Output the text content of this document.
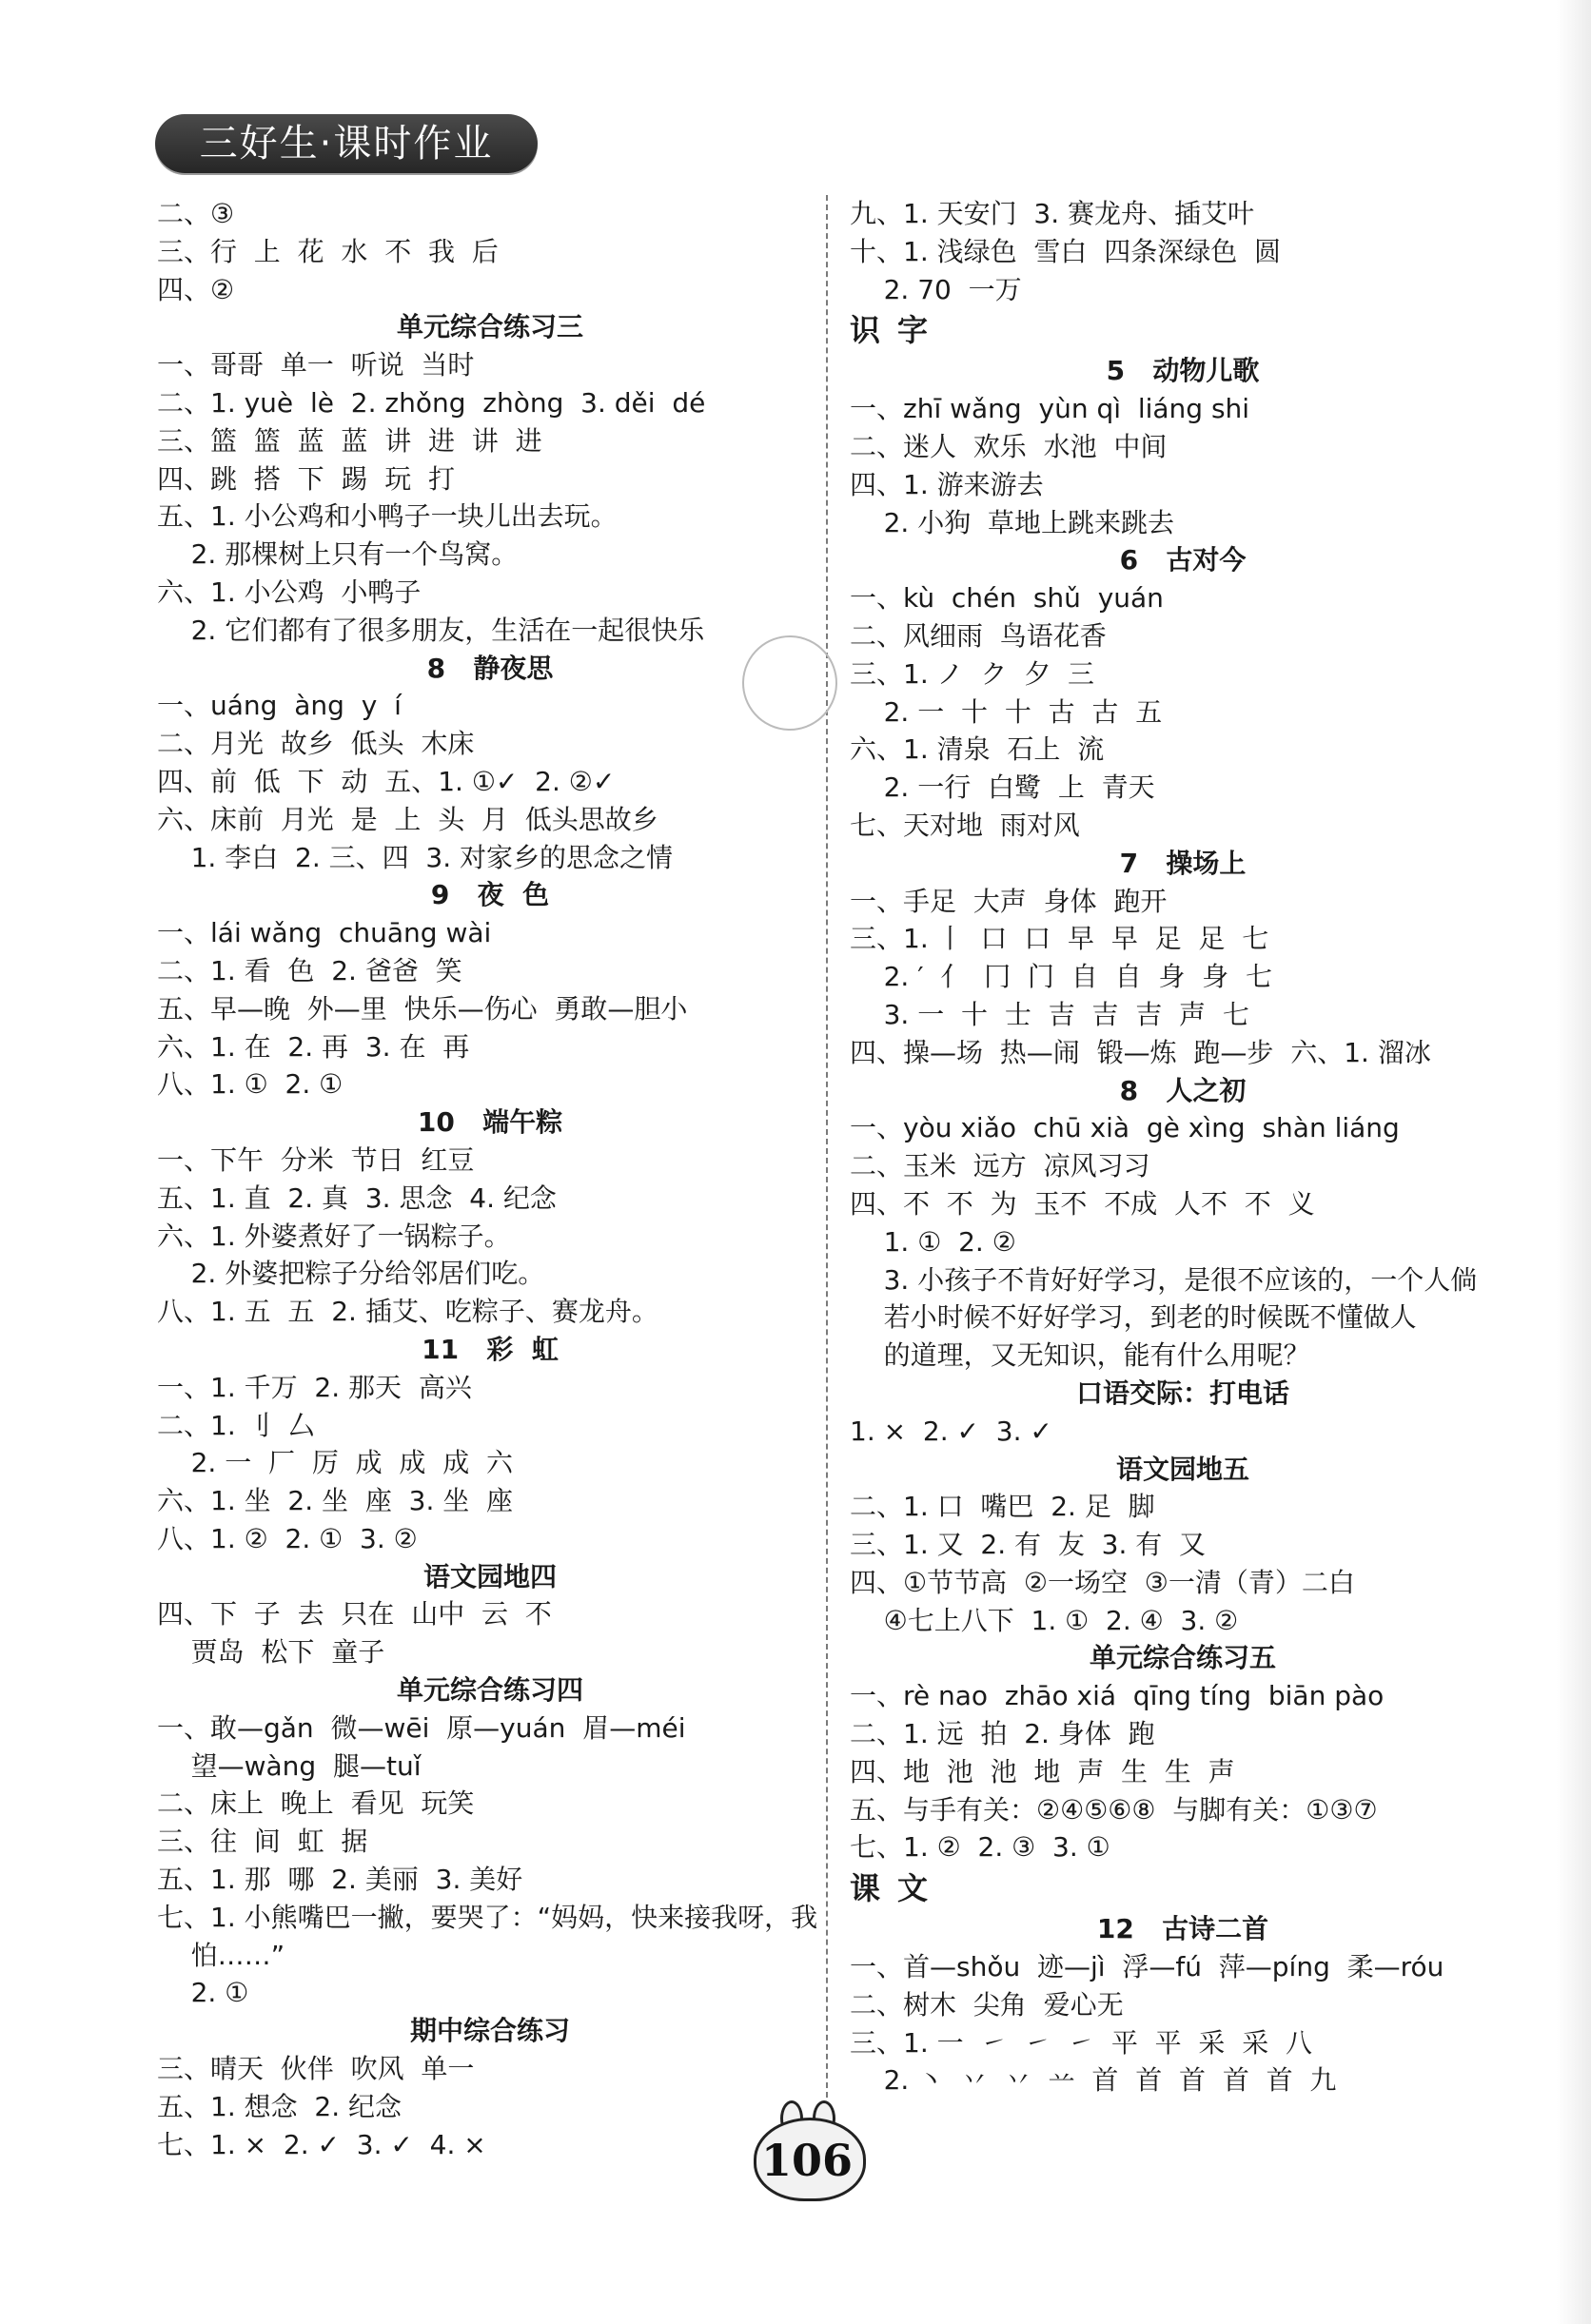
三好生·课时作业
二、③
三、行  上  花  水  不  我  后
四、②
单元综合练习三
一、哥哥  单一  听说  当时
二、1. yuè  lè  2. zhǒng  zhòng  3. děi  dé
三、篮  篮  蓝  蓝  讲  进  讲  进
四、跳  搭  下  踢  玩  打
五、1. 小公鸡和小鸭子一块儿出去玩。
2. 那棵树上只有一个鸟窝。
六、1. 小公鸡  小鸭子
2. 它们都有了很多朋友，生活在一起很快乐
8   静夜思
一、uáng  àng  y  í
二、月光  故乡  低头  木床
四、前  低  下  动  五、1. ①✓  2. ②✓
六、床前  月光  是  上  头  月  低头思故乡
1. 李白  2. 三、四  3. 对家乡的思念之情
9   夜  色
一、lái wǎng  chuāng wài
二、1. 看  色  2. 爸爸  笑
五、早—晚  外—里  快乐—伤心  勇敢—胆小
六、1. 在  2. 再  3. 在  再
八、1. ①  2. ①
10   端午粽
一、下午  分米  节日  红豆
五、1. 直  2. 真  3. 思念  4. 纪念
六、1. 外婆煮好了一锅粽子。
2. 外婆把粽子分给邻居们吃。
八、1. 五  五  2. 插艾、吃粽子、赛龙舟。
11   彩  虹
一、1. 千万  2. 那天  高兴
二、1. 刂  厶
2. 一  厂  厉  成  成  成  六
六、1. 坐  2. 坐  座  3. 坐  座
八、1. ②  2. ①  3. ②
语文园地四
四、下  子  去  只在  山中  云  不
贾岛  松下  童子
单元综合练习四
一、敢—gǎn  微—wēi  原—yuán  眉—méi
望—wàng  腿—tuǐ
二、床上  晚上  看见  玩笑
三、往  间  虹  据
五、1. 那  哪  2. 美丽  3. 美好
七、1. 小熊嘴巴一撇，要哭了：“妈妈，快来接我呀，我
怕……”
2. ①
期中综合练习
三、晴天  伙伴  吹风  单一
五、1. 想念  2. 纪念
七、1. ×  2. ✓  3. ✓  4. ×
九、1. 天安门  3. 赛龙舟、插艾叶
十、1. 浅绿色  雪白  四条深绿色  圆
2. 70  一万
识字
5   动物儿歌
一、zhī wǎng  yùn qì  liáng shi
二、迷人  欢乐  水池  中间
四、1. 游来游去
2. 小狗  草地上跳来跳去
6   古对今
一、kù  chén  shǔ  yuán
二、风细雨  鸟语花香
三、1. ノ  ク  夕  三
2. 一  十  十  古  古  五
六、1. 清泉  石上  流
2. 一行  白鹭  上  青天
七、天对地  雨对风
7   操场上
一、手足  大声  身体  跑开
三、1. 丨  口  口  早  早  足  足  七
2. ′  亻  冂  门  自  自  身  身  七
3. 一  十  士  吉  吉  吉  声  七
四、操—场  热—闹  锻—炼  跑—步  六、1. 溜冰
8   人之初
一、yòu xiǎo  chū xià  gè xìng  shàn liáng
二、玉米  远方  凉风习习
四、不  不  为  玉不  不成  人不  不  义
1. ①  2. ②
3. 小孩子不肯好好学习，是很不应该的，一个人倘
若小时候不好好学习，到老的时候既不懂做人
的道理，又无知识，能有什么用呢？
口语交际：打电话
1. ×  2. ✓  3. ✓
语文园地五
二、1. 口  嘴巴  2. 足  脚
三、1. 又  2. 有  友  3. 有  又
四、①节节高  ②一场空  ③一清（青）二白
④七上八下  1. ①  2. ④  3. ②
单元综合练习五
一、rè nao  zhāo xiá  qīng tíng  biān pào
二、1. 远  拍  2. 身体  跑
四、地  池  池  地  声  生  生  声
五、与手有关：②④⑤⑥⑧  与脚有关：①③⑦
七、1. ②  2. ③  3. ①
课文
12   古诗二首
一、首—shǒu  迹—jì  浮—fú  萍—píng  柔—róu
二、树木  尖角  爱心无
三、1. 一  ㇀  ㇀  ㇀  平  平  采  采  八
2. 丶  丷  丷  䒑  首  首  首  首  首  九
106
